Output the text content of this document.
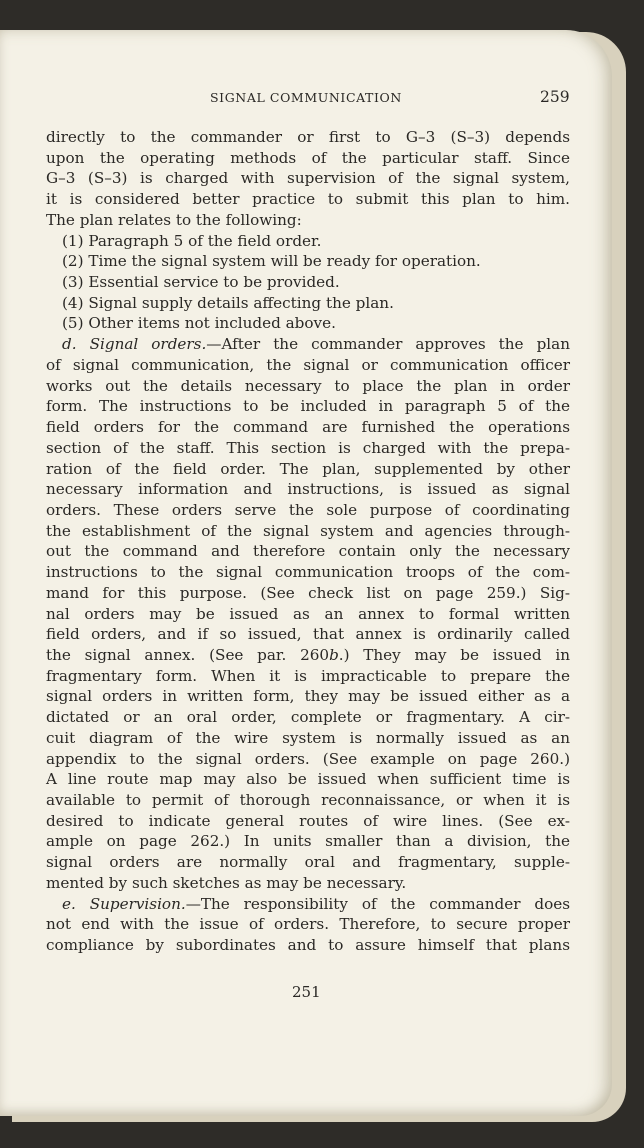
SIGNAL COMMUNICATION	259
directly to the commander or first to G–3 (S–3) depends
upon the operating methods of the particular staff. Since
G–3 (S–3) is charged with supervision of the signal system,
it is considered better practice to submit this plan to him.
The plan relates to the following:
(1) Paragraph 5 of the field order.
(2) Time the signal system will be ready for operation.
(3) Essential service to be provided.
(4) Signal supply details affecting the plan.
(5) Other items not included above.
d. Signal orders.—After the commander approves the plan
of signal communication, the signal or communication officer
works out the details necessary to place the plan in order
form. The instructions to be included in paragraph 5 of the
field orders for the command are furnished the operations
section of the staff. This section is charged with the prepa-
ration of the field order. The plan, supplemented by other
necessary information and instructions, is issued as signal
orders. These orders serve the sole purpose of coordinating
the establishment of the signal system and agencies through-
out the command and therefore contain only the necessary
instructions to the signal communication troops of the com-
mand for this purpose. (See check list on page 259.) Sig-
nal orders may be issued as an annex to formal written
field orders, and if so issued, that annex is ordinarily called
the signal annex. (See par. 260b.) They may be issued in
fragmentary form. When it is impracticable to prepare the
signal orders in written form, they may be issued either as a
dictated or an oral order, complete or fragmentary. A cir-
cuit diagram of the wire system is normally issued as an
appendix to the signal orders. (See example on page 260.)
A line route map may also be issued when sufficient time is
available to permit of thorough reconnaissance, or when it is
desired to indicate general routes of wire lines. (See ex-
ample on page 262.) In units smaller than a division, the
signal orders are normally oral and fragmentary, supple-
mented by such sketches as may be necessary.
e. Supervision.—The responsibility of the commander does
not end with the issue of orders. Therefore, to secure proper
compliance by subordinates and to assure himself that plans
251
